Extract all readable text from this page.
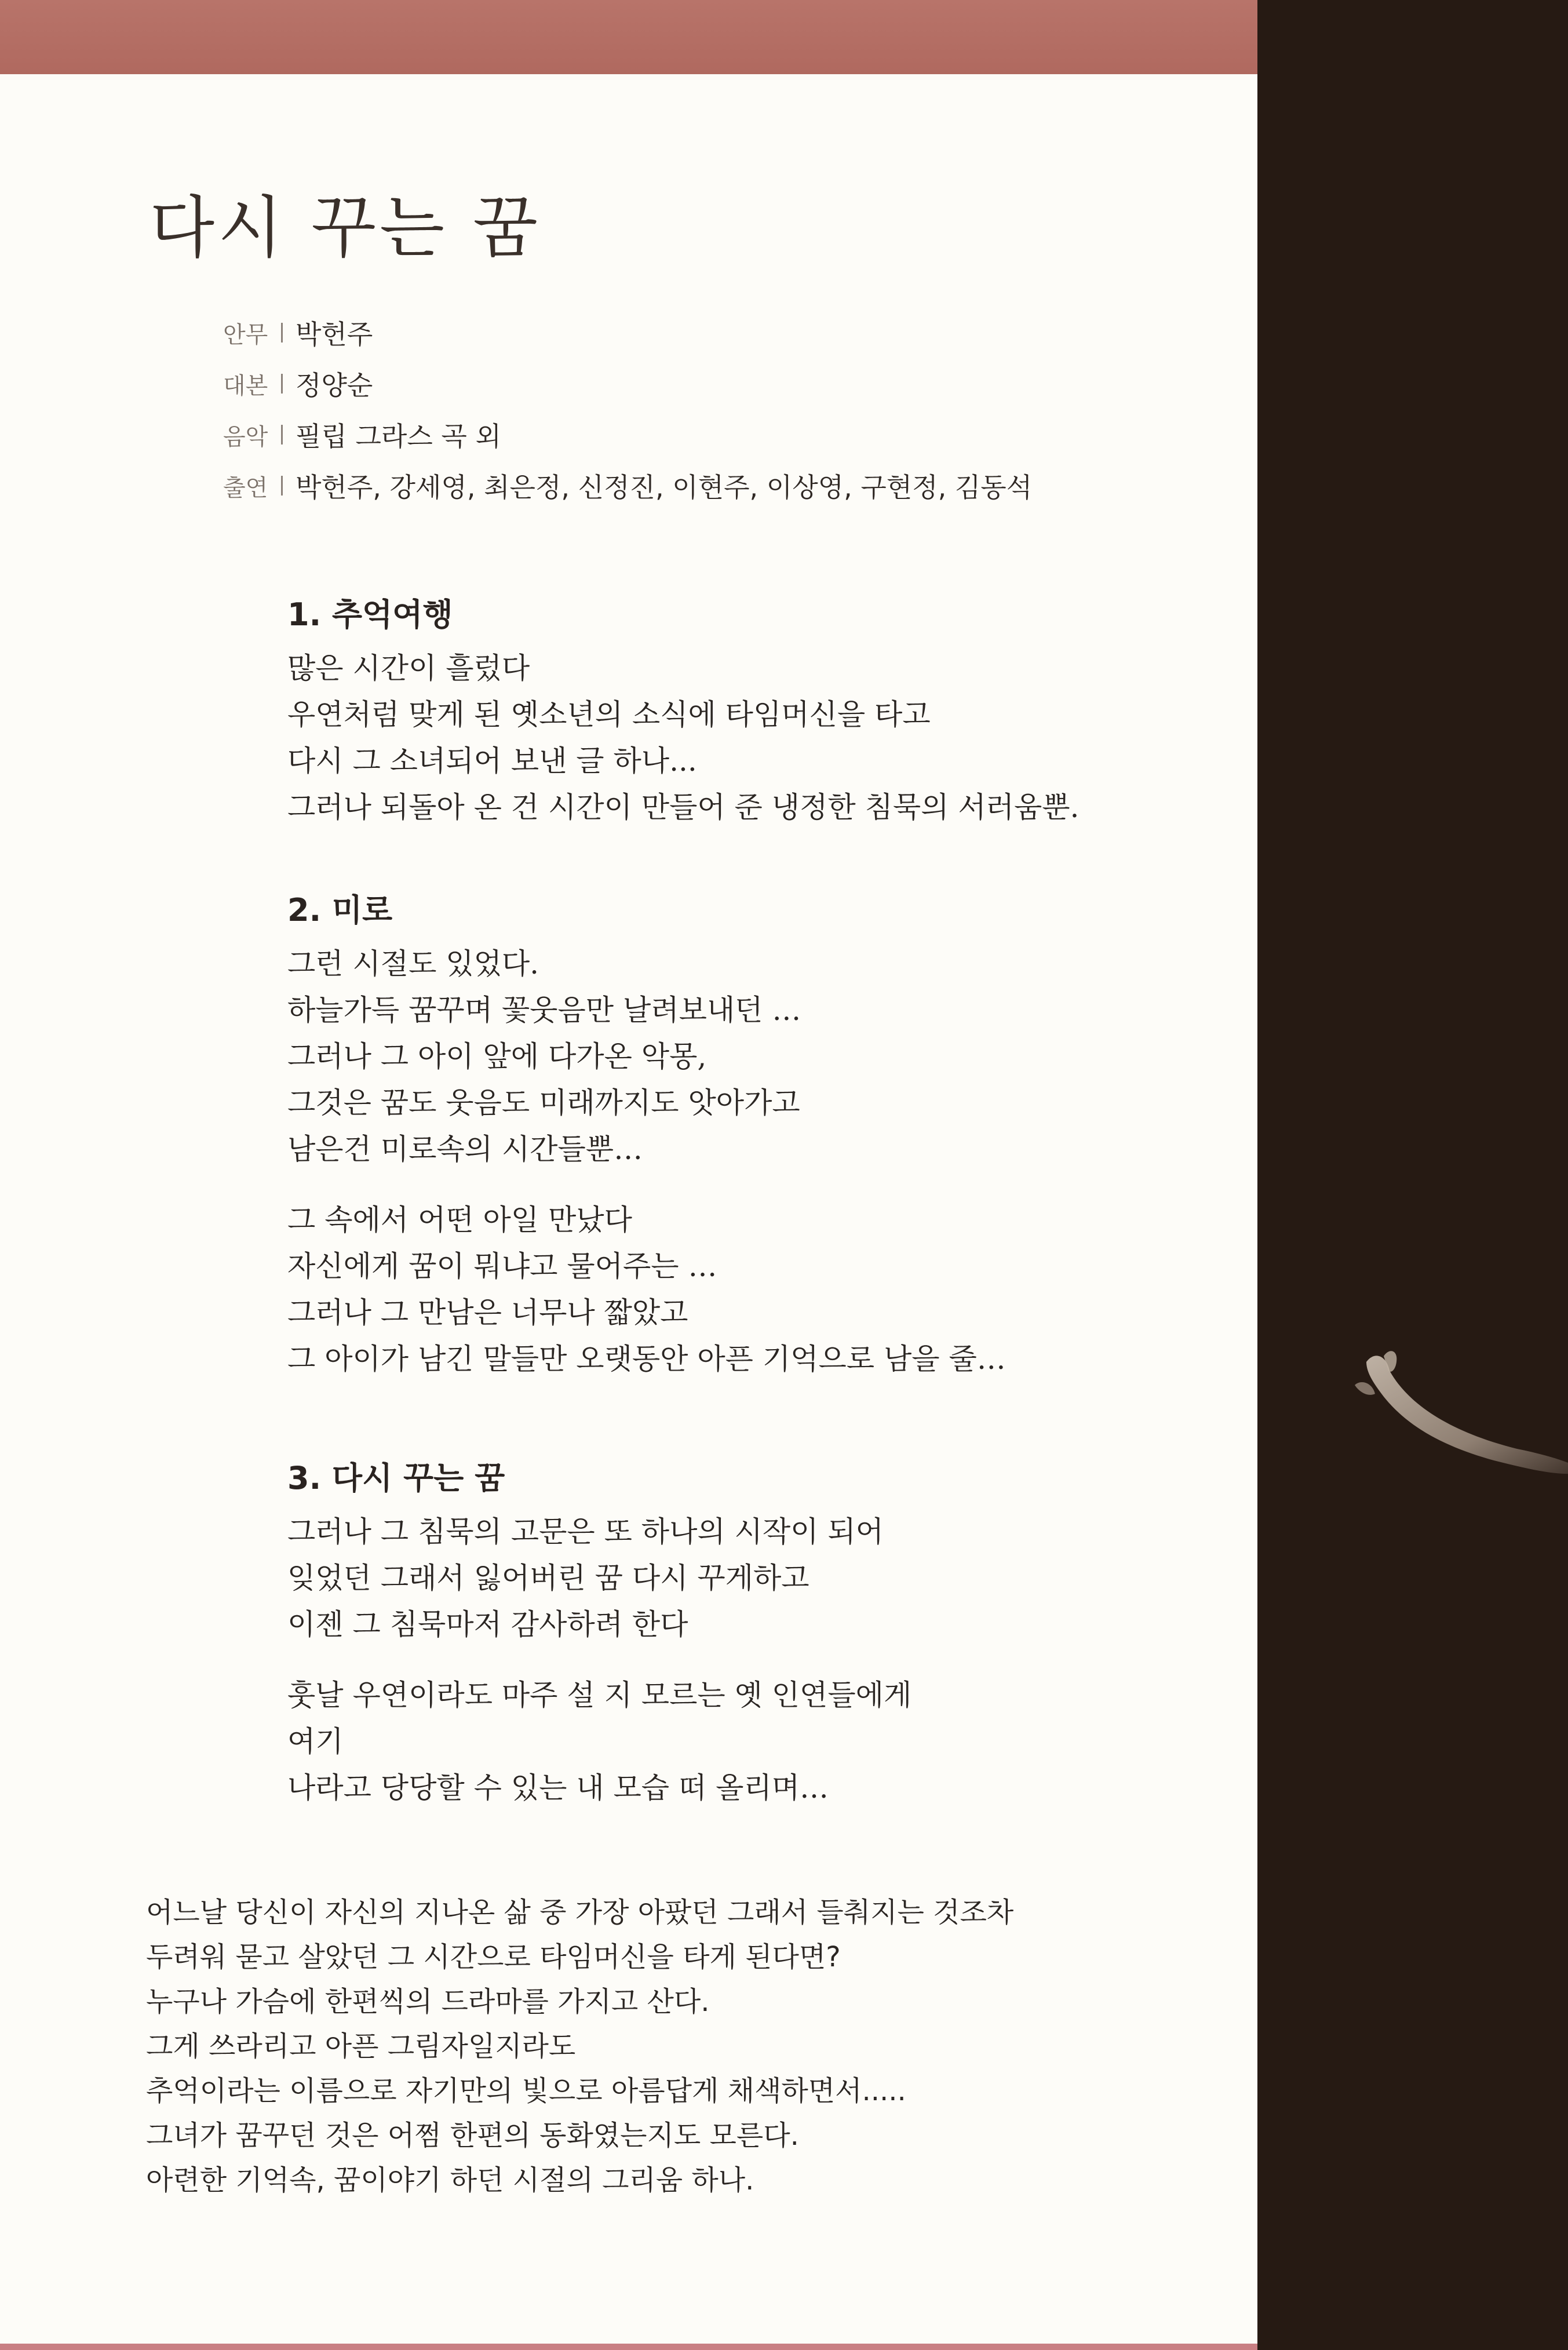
다시 꾸는 꿈
안무 박헌주
대본 정양순
음악 필립 그라스 곡 외
출연 박헌주, 강세영, 최은정, 신정진, 이현주, 이상영, 구현정, 김동석
1. 추억여행
많은 시간이 흘렀다
우연처럼 맞게 된 옛소년의 소식에 타임머신을 타고
다시 그 소녀되어 보낸 글 하나...
그러나 되돌아 온 건 시간이 만들어 준 냉정한 침묵의 서러움뿐.
2. 미로
그런 시절도 있었다.
하늘가득 꿈꾸며 꽃웃음만 날려보내던 …
그러나 그 아이 앞에 다가온 악몽,
그것은 꿈도 웃음도 미래까지도 앗아가고
남은건 미로속의 시간들뿐…
그 속에서 어떤 아일 만났다
자신에게 꿈이 뭐냐고 물어주는 …
그러나 그 만남은 너무나 짧았고
그 아이가 남긴 말들만 오랫동안 아픈 기억으로 남을 줄…
3. 다시 꾸는 꿈
그러나 그 침묵의 고문은 또 하나의 시작이 되어
잊었던 그래서 잃어버린 꿈 다시 꾸게하고
이젠 그 침묵마저 감사하려 한다
훗날 우연이라도 마주 설 지 모르는 옛 인연들에게
여기
나라고 당당할 수 있는 내 모습 떠 올리며…
어느날 당신이 자신의 지나온 삶 중 가장 아팠던 그래서 들춰지는 것조차
두려워 묻고 살았던 그 시간으로 타임머신을 타게 된다면?
누구나 가슴에 한편씩의 드라마를 가지고 산다.
그게 쓰라리고 아픈 그림자일지라도
추억이라는 이름으로 자기만의 빛으로 아름답게 채색하면서.....
그녀가 꿈꾸던 것은 어쩜 한편의 동화였는지도 모른다.
아련한 기억속, 꿈이야기 하던 시절의 그리움 하나.
